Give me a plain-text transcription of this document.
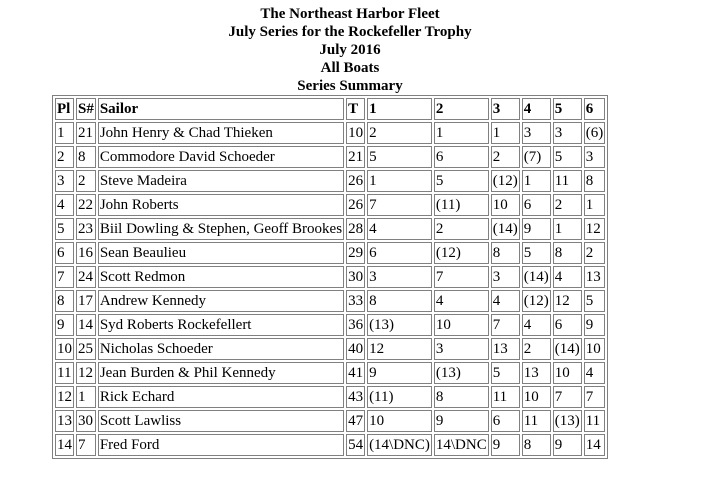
The Northeast Harbor Fleet
July Series for the Rockefeller Trophy
July 2016
All Boats
Series Summary
Pl	S#	Sailor	T	1	2	3	4	5	6
1	21	John Henry & Chad Thieken	10	2	1	1	3	3	(6)
2	8	Commodore David Schoeder	21	5	6	2	(7)	5	3
3	2	Steve Madeira	26	1	5	(12)	1	11	8
4	22	John Roberts	26	7	(11)	10	6	2	1
5	23	Biil Dowling & Stephen, Geoff Brookes	28	4	2	(14)	9	1	12
6	16	Sean Beaulieu	29	6	(12)	8	5	8	2
7	24	Scott Redmon	30	3	7	3	(14)	4	13
8	17	Andrew Kennedy	33	8	4	4	(12)	12	5
9	14	Syd Roberts Rockefellert	36	(13)	10	7	4	6	9
10	25	Nicholas Schoeder	40	12	3	13	2	(14)	10
11	12	Jean Burden & Phil Kennedy	41	9	(13)	5	13	10	4
12	1	Rick Echard	43	(11)	8	11	10	7	7
13	30	Scott Lawliss	47	10	9	6	11	(13)	11
14	7	Fred Ford	54	(14\DNC)	14\DNC	9	8	9	14
